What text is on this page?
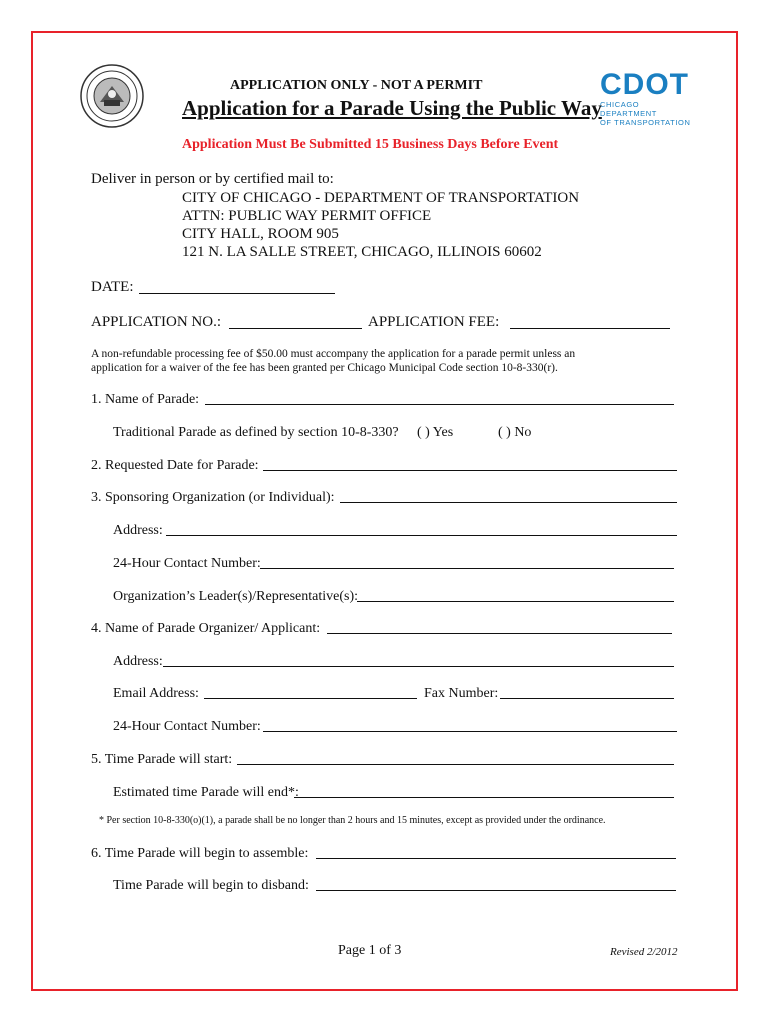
CDOT
CHICAGO DEPARTMENT
OF TRANSPORTATION
APPLICATION ONLY - NOT A PERMIT
Application for a Parade Using the Public Way
Application Must Be Submitted 15 Business Days Before Event
Deliver in person or by certified mail to:
CITY OF CHICAGO - DEPARTMENT OF TRANSPORTATION
ATTN: PUBLIC WAY PERMIT OFFICE
CITY HALL, ROOM 905
121 N. LA SALLE STREET, CHICAGO, ILLINOIS 60602
DATE:
APPLICATION NO.:	APPLICATION FEE:
A non-refundable processing fee of $50.00 must accompany the application for a parade permit unless an
application for a waiver of the fee has been granted per Chicago Municipal Code section 10-8-330(r).
1. Name of Parade:
Traditional Parade as defined by section 10-8-330? ( ) Yes	( ) No
2. Requested Date for Parade:
3. Sponsoring Organization (or Individual):
Address:
24-Hour Contact Number:
Organization’s Leader(s)/Representative(s):
4. Name of Parade Organizer/ Applicant:
Address:
Email Address:	Fax Number:
24-Hour Contact Number:
5. Time Parade will start:
Estimated time Parade will end*:
* Per section 10-8-330(o)(1), a parade shall be no longer than 2 hours and 15 minutes, except as provided under the ordinance.
6. Time Parade will begin to assemble:
Time Parade will begin to disband:
Page 1 of 3	Revised 2/2012
